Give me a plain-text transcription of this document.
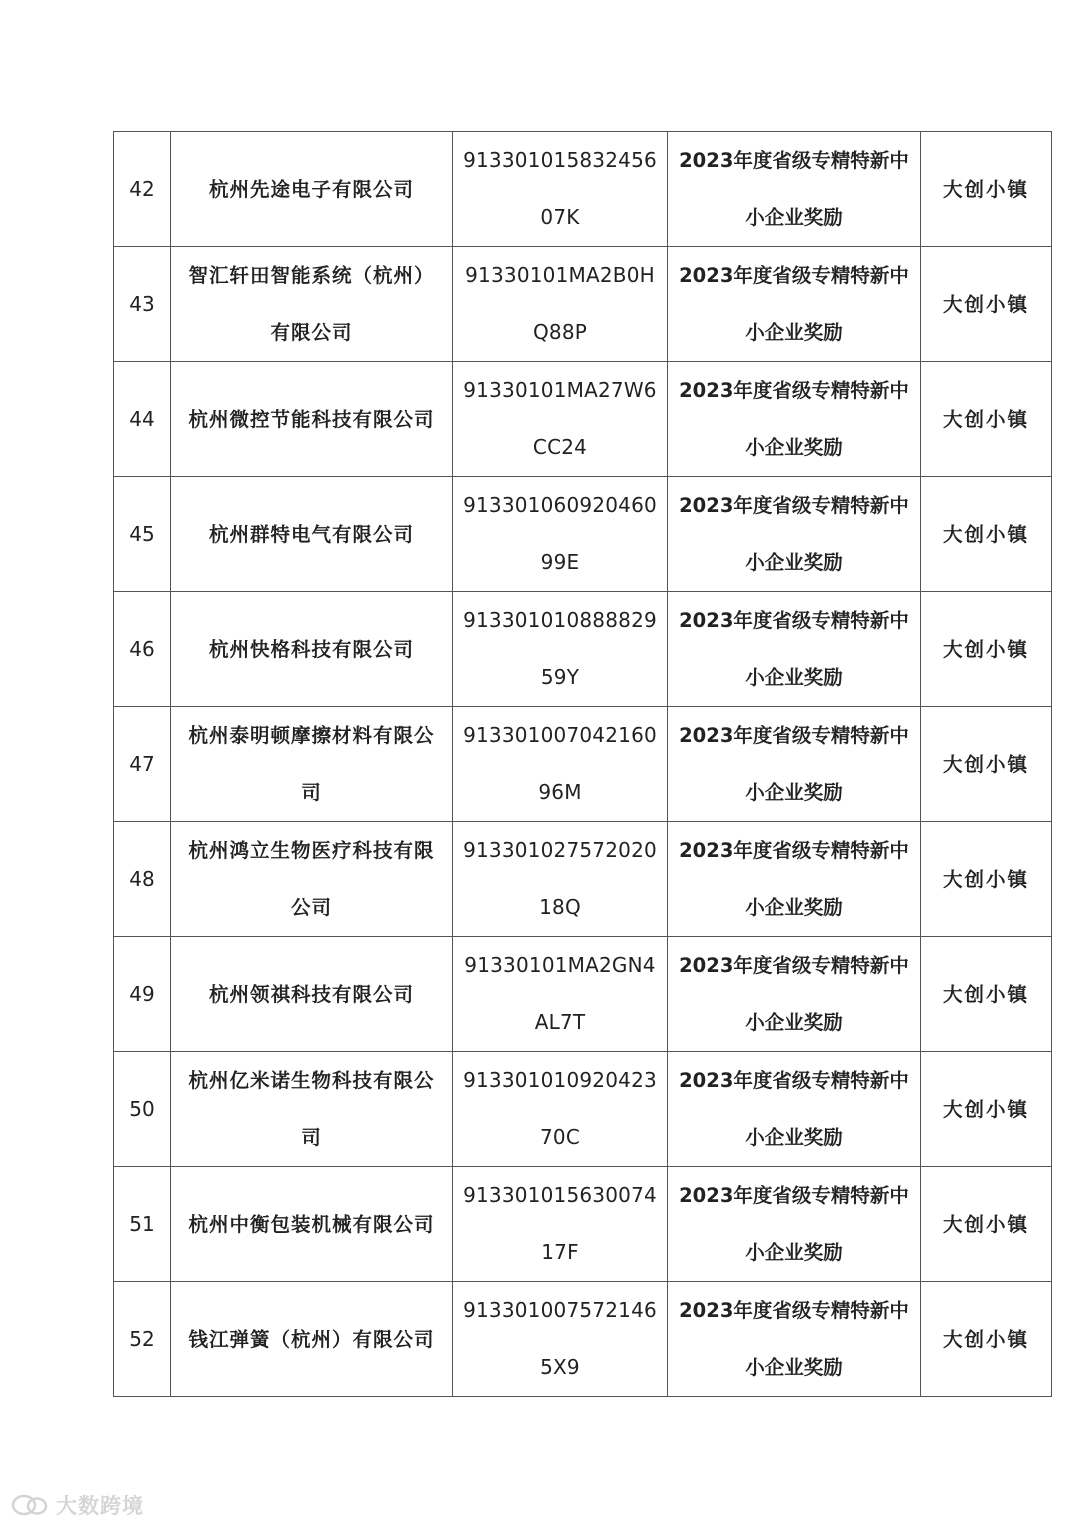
42	杭州先途电子有限公司	91330101583245607K	2023年度省级专精特新中小企业奖励	大创小镇
43	智汇轩田智能系统（杭州）有限公司	91330101MA2B0HQ88P	2023年度省级专精特新中小企业奖励	大创小镇
44	杭州微控节能科技有限公司	91330101MA27W6CC24	2023年度省级专精特新中小企业奖励	大创小镇
45	杭州群特电气有限公司	91330106092046099E	2023年度省级专精特新中小企业奖励	大创小镇
46	杭州快格科技有限公司	91330101088882959Y	2023年度省级专精特新中小企业奖励	大创小镇
47	杭州泰明顿摩擦材料有限公司	91330100704216096M	2023年度省级专精特新中小企业奖励	大创小镇
48	杭州鸿立生物医疗科技有限公司	91330102757202018Q	2023年度省级专精特新中小企业奖励	大创小镇
49	杭州领祺科技有限公司	91330101MA2GN4AL7T	2023年度省级专精特新中小企业奖励	大创小镇
50	杭州亿米诺生物科技有限公司	91330101092042370C	2023年度省级专精特新中小企业奖励	大创小镇
51	杭州中衡包装机械有限公司	91330101563007417F	2023年度省级专精特新中小企业奖励	大创小镇
52	钱江弹簧（杭州）有限公司	913301007572146 5X9	2023年度省级专精特新中小企业奖励	大创小镇
大数跨境
